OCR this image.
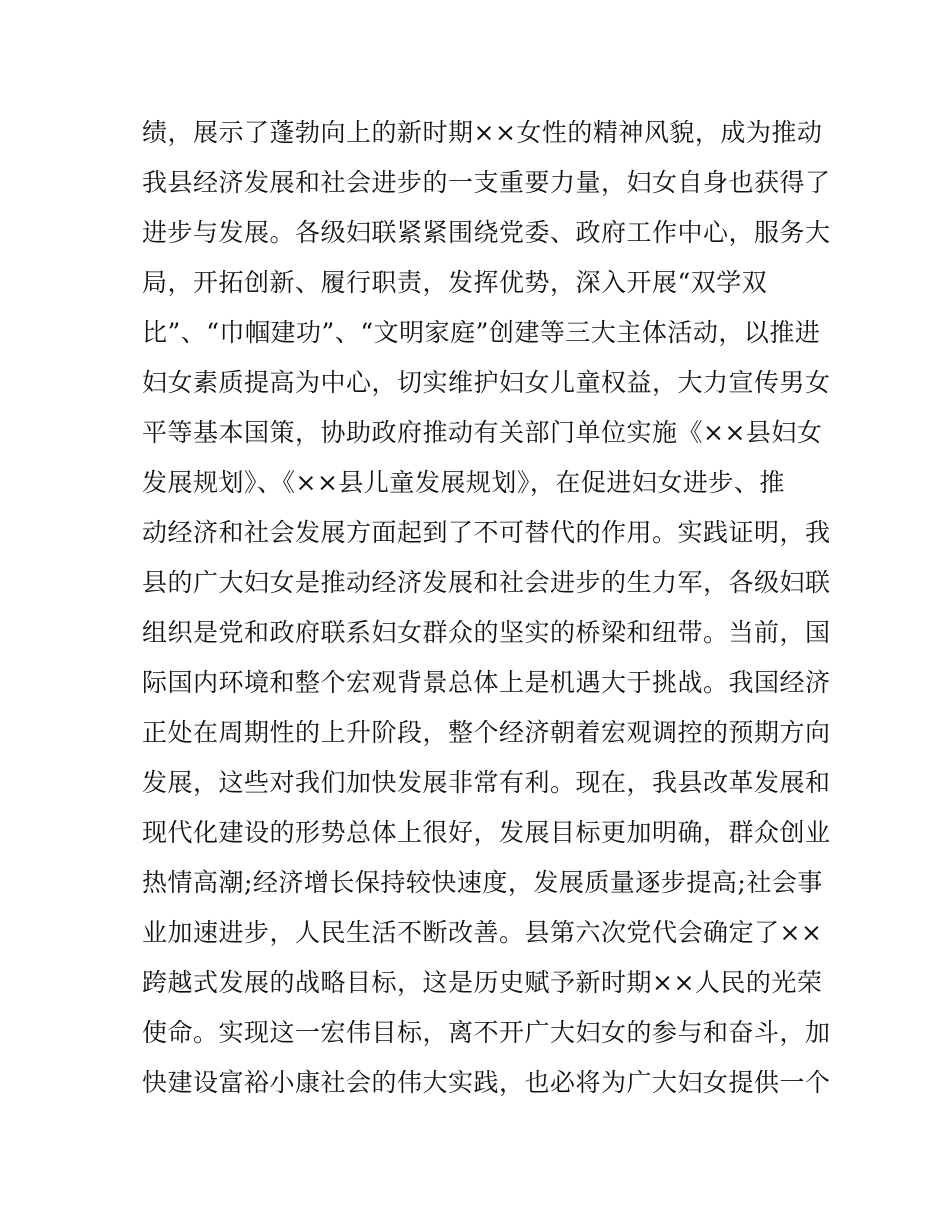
绩，展示了蓬勃向上的新时期××女性的精神风貌，成为推动
我县经济发展和社会进步的一支重要力量，妇女自身也获得了
进步与发展。各级妇联紧紧围绕党委、政府工作中心，服务大
局，开拓创新、履行职责，发挥优势，深入开展“双学双
比”、“巾帼建功”、“文明家庭”创建等三大主体活动，以推进
妇女素质提高为中心，切实维护妇女儿童权益，大力宣传男女
平等基本国策，协助政府推动有关部门单位实施《××县妇女
发展规划》、《××县儿童发展规划》，在促进妇女进步、推
动经济和社会发展方面起到了不可替代的作用。实践证明，我
县的广大妇女是推动经济发展和社会进步的生力军，各级妇联
组织是党和政府联系妇女群众的坚实的桥梁和纽带。当前，国
际国内环境和整个宏观背景总体上是机遇大于挑战。我国经济
正处在周期性的上升阶段，整个经济朝着宏观调控的预期方向
发展，这些对我们加快发展非常有利。现在，我县改革发展和
现代化建设的形势总体上很好，发展目标更加明确，群众创业
热情高潮;经济增长保持较快速度，发展质量逐步提高;社会事
业加速进步，人民生活不断改善。县第六次党代会确定了××
跨越式发展的战略目标，这是历史赋予新时期××人民的光荣
使命。实现这一宏伟目标，离不开广大妇女的参与和奋斗，加
快建设富裕小康社会的伟大实践，也必将为广大妇女提供一个
